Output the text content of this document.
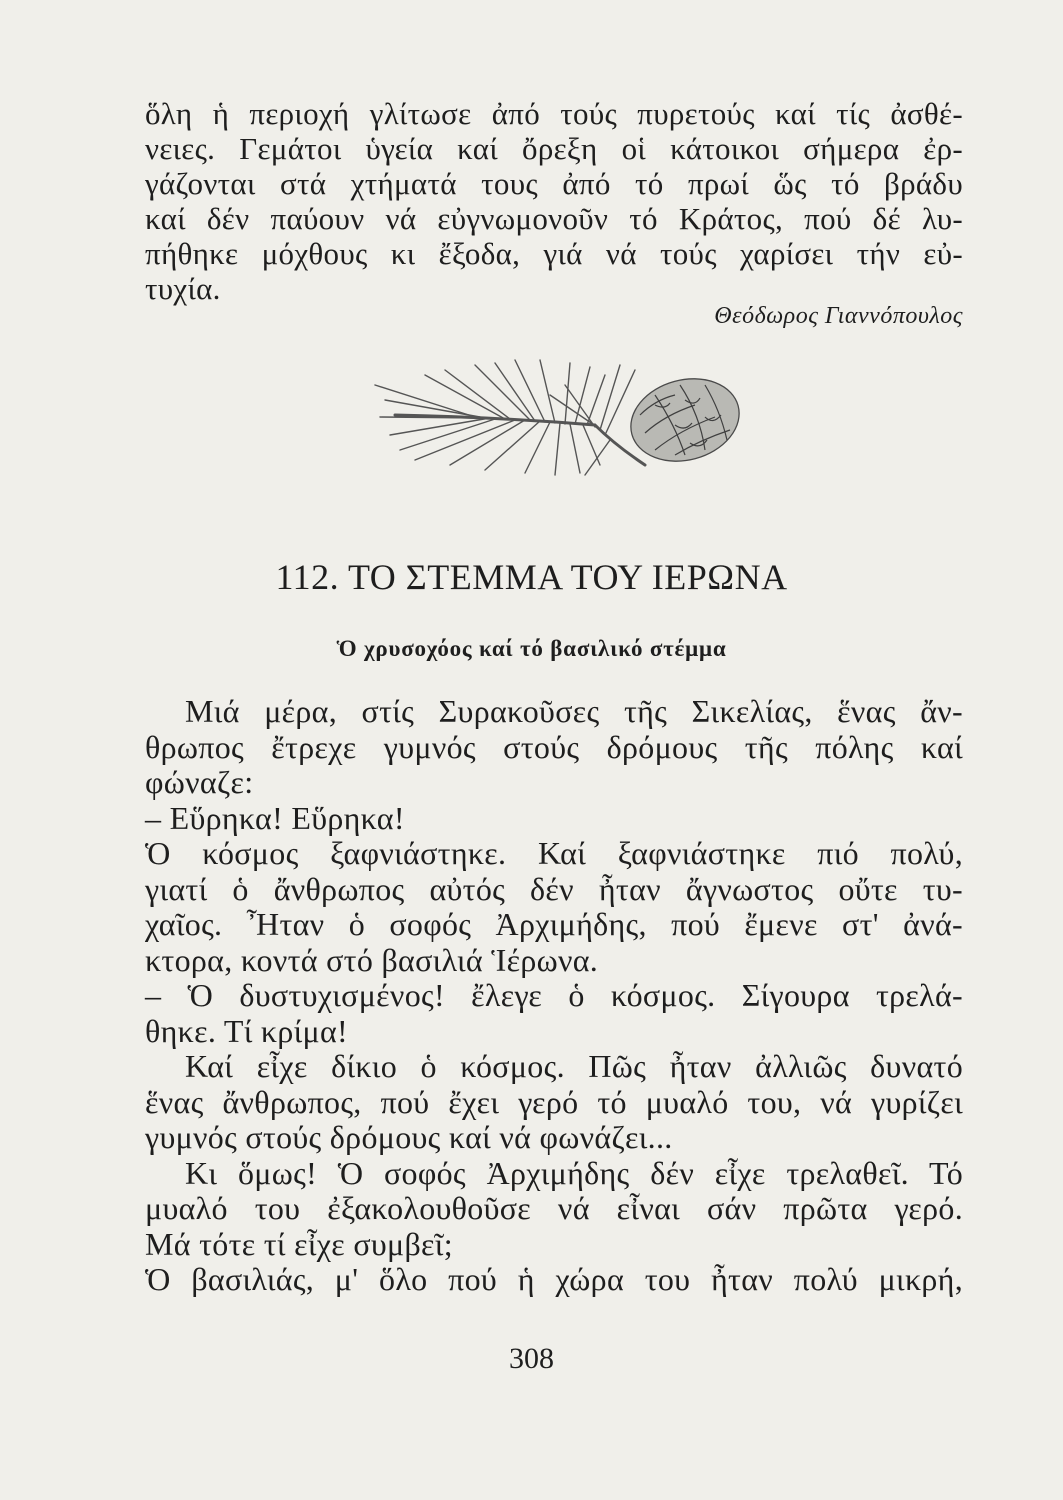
ὅλη ἡ περιοχή γλίτωσε ἀπό τούς πυρετούς καί τίς ἀσθέ-
νειες. Γεμάτοι ὑγεία καί ὄρεξη οἱ κάτοικοι σήμερα ἐρ-
γάζονται στά χτήματά τους ἀπό τό πρωί ὥς τό βράδυ
καί δέν παύουν νά εὐγνωμονοῦν τό Κράτος, πού δέ λυ-
πήθηκε μόχθους κι ἔξοδα, γιά νά τούς χαρίσει τήν εὐ-
τυχία.
Θεόδωρος Γιαννόπουλος
112. ΤΟ ΣΤΕΜΜΑ ΤΟΥ ΙΕΡΩΝΑ
Ὁ χρυσοχόος καί τό βασιλικό στέμμα
Μιά μέρα, στίς Συρακοῦσες τῆς Σικελίας, ἕνας ἄν-
θρωπος ἔτρεχε γυμνός στούς δρόμους τῆς πόλης καί
φώναζε:
– Εὕρηκα! Εὕρηκα!
Ὁ κόσμος ξαφνιάστηκε. Καί ξαφνιάστηκε πιό πολύ,
γιατί ὁ ἄνθρωπος αὐτός δέν ἦταν ἄγνωστος οὔτε τυ-
χαῖος. Ἦταν ὁ σοφός Ἀρχιμήδης, πού ἔμενε στ' ἀνά-
κτορα, κοντά στό βασιλιά Ἱέρωνα.
– Ὁ δυστυχισμένος! ἔλεγε ὁ κόσμος. Σίγουρα τρελά-
θηκε. Τί κρίμα!
Καί εἶχε δίκιο ὁ κόσμος. Πῶς ἦταν ἀλλιῶς δυνατό
ἕνας ἄνθρωπος, πού ἔχει γερό τό μυαλό του, νά γυρίζει
γυμνός στούς δρόμους καί νά φωνάζει...
Κι ὅμως! Ὁ σοφός Ἀρχιμήδης δέν εἶχε τρελαθεῖ. Τό
μυαλό του ἐξακολουθοῦσε νά εἶναι σάν πρῶτα γερό.
Μά τότε τί εἶχε συμβεῖ;
Ὁ βασιλιάς, μ' ὅλο πού ἡ χώρα του ἦταν πολύ μικρή,
308
